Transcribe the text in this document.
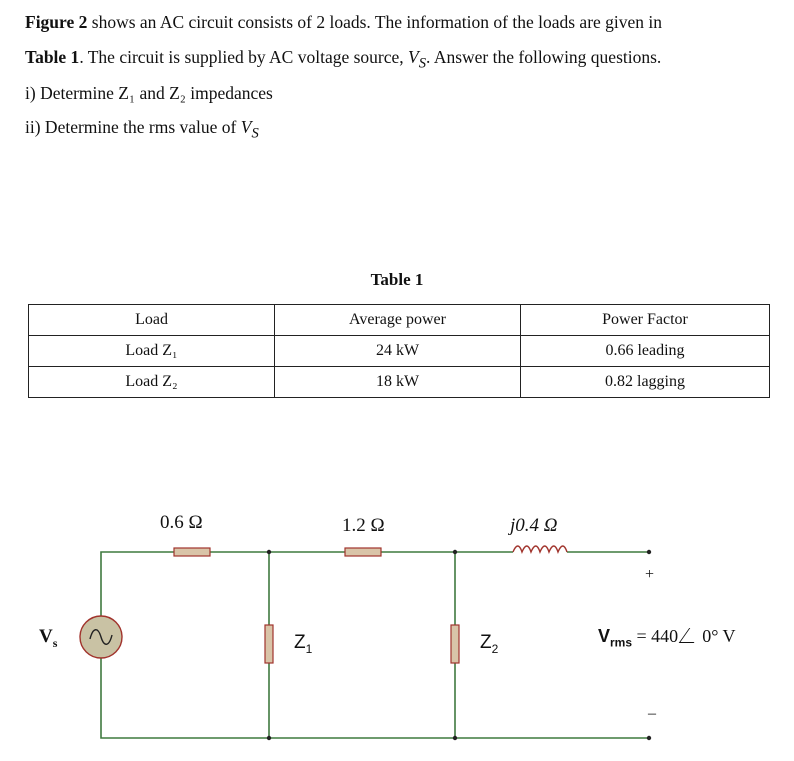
Figure 2 shows an AC circuit consists of 2 loads. The information of the loads are given in
Table 1. The circuit is supplied by AC voltage source, $V_S$. Answer the following questions.
i) Determine Z₁ and Z₂ impedances
ii) Determine the rms value of $V_S$
Table 1
Load	Average power	Power Factor
Load Z₁	24 kW	0.66 leading
Load Z₂	18 kW	0.82 lagging
0.6 Ω	1.2 Ω	j0.4 Ω
$V_s$	$Z_1$	$Z_2$
+
–
$V_{rms} = 440$ 0° V
